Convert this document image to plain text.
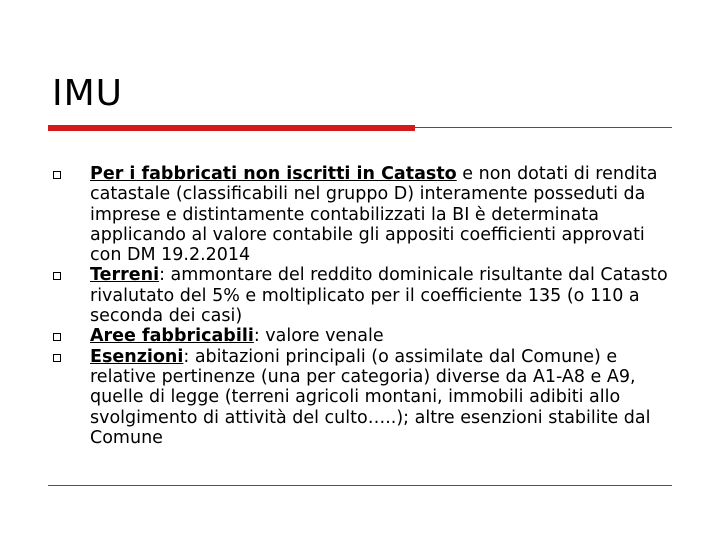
IMU
Per i fabbricati non iscritti in Catasto e non dotati di rendita catastale (classificabili nel gruppo D) interamente posseduti da imprese e distintamente contabilizzati la BI è determinata applicando al valore contabile gli appositi coefficienti approvati con DM 19.2.2014
Terreni: ammontare del reddito dominicale risultante dal Catasto rivalutato del 5% e moltiplicato per il coefficiente 135 (o 110 a seconda dei casi)
Aree fabbricabili: valore venale
Esenzioni: abitazioni principali (o assimilate dal Comune) e relative pertinenze (una per categoria) diverse da A1-A8 e A9, quelle di legge (terreni agricoli montani, immobili adibiti allo svolgimento di attività del culto…..); altre esenzioni stabilite dal Comune
